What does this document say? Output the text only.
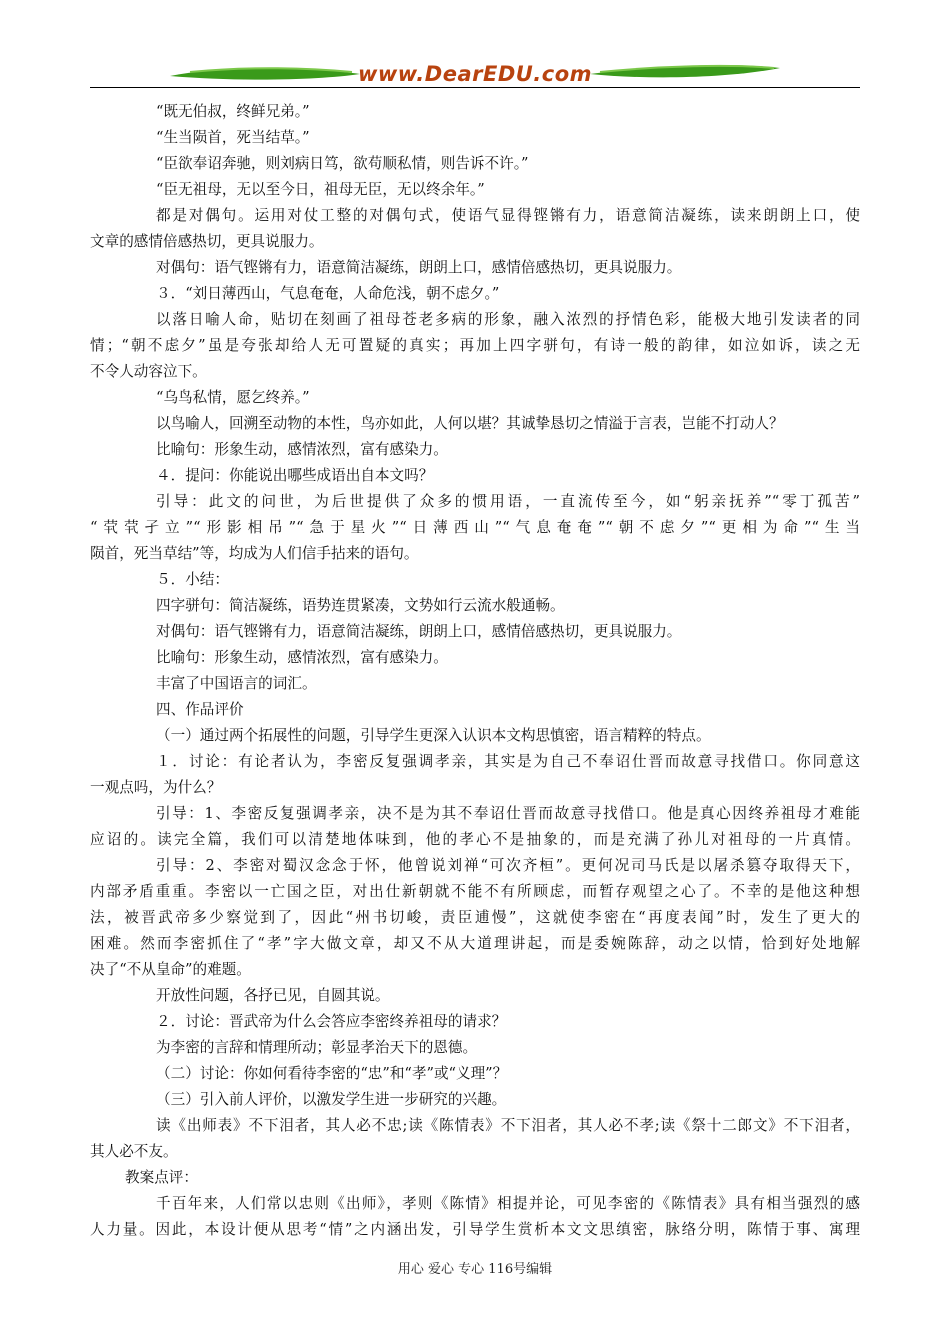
www.DearEDU.com
“既无伯叔，终鲜兄弟。”
“生当陨首，死当结草。”
“臣欲奉诏奔驰，则刘病日笃，欲苟顺私情，则告诉不许。”
“臣无祖母，无以至今日，祖母无臣，无以终余年。”
都是对偶句。运用对仗工整的对偶句式，使语气显得铿锵有力，语意简洁凝练，读来朗朗上口，使
文章的感情倍感热切，更具说服力。
对偶句：语气铿锵有力，语意简洁凝练，朗朗上口，感情倍感热切，更具说服力。
３．“刘日薄西山，气息奄奄，人命危浅，朝不虑夕。”
以落日喻人命，贴切在刻画了祖母苍老多病的形象，融入浓烈的抒情色彩，能极大地引发读者的同
情；“朝不虑夕”虽是夸张却给人无可置疑的真实；再加上四字骈句，有诗一般的韵律，如泣如诉，读之无
不令人动容泣下。
“乌鸟私情，愿乞终养。”
以鸟喻人，回溯至动物的本性，鸟亦如此，人何以堪？其诚挚恳切之情溢于言表，岂能不打动人？
比喻句：形象生动，感情浓烈，富有感染力。
４．提问：你能说出哪些成语出自本文吗？
引导：此文的问世，为后世提供了众多的惯用语，一直流传至今，如“躬亲抚养”“零丁孤苦”
“茕茕孑立”“形影相吊”“急于星火”“日薄西山”“气息奄奄”“朝不虑夕”“更相为命”“生当
陨首，死当草结”等，均成为人们信手拈来的语句。
５．小结：
四字骈句：简洁凝练，语势连贯紧凑，文势如行云流水般通畅。
对偶句：语气铿锵有力，语意简洁凝练，朗朗上口，感情倍感热切，更具说服力。
比喻句：形象生动，感情浓烈，富有感染力。
丰富了中国语言的词汇。
四、作品评价
（一）通过两个拓展性的问题，引导学生更深入认识本文构思慎密，语言精粹的特点。
１．讨论：有论者认为，李密反复强调孝亲，其实是为自己不奉诏仕晋而故意寻找借口。你同意这
一观点吗，为什么？
引导：1、李密反复强调孝亲，决不是为其不奉诏仕晋而故意寻找借口。他是真心因终养祖母才难能
应诏的。读完全篇，我们可以清楚地体味到，他的孝心不是抽象的，而是充满了孙儿对祖母的一片真情。
引导：2、李密对蜀汉念念于怀，他曾说刘禅“可次齐桓”。更何况司马氏是以屠杀篡夺取得天下，
内部矛盾重重。李密以一亡国之臣，对出仕新朝就不能不有所顾虑，而暂存观望之心了。不幸的是他这种想
法，被晋武帝多少察觉到了，因此“州书切峻，责臣逋慢”，这就使李密在“再度表闻”时，发生了更大的
困难。然而李密抓住了“孝”字大做文章，却又不从大道理讲起，而是委婉陈辞，动之以情，恰到好处地解
决了“不从皇命”的难题。
开放性问题，各抒已见，自圆其说。
２．讨论：晋武帝为什么会答应李密终养祖母的请求？
为李密的言辞和情理所动；彰显孝治天下的恩德。
（二）讨论：你如何看待李密的“忠”和“孝”或“义理”？
（三）引入前人评价，以激发学生进一步研究的兴趣。
读《出师表》不下泪者，其人必不忠;读《陈情表》不下泪者，其人必不孝;读《祭十二郎文》不下泪者，
其人必不友。
教案点评：
千百年来，人们常以忠则《出师》，孝则《陈情》相提并论，可见李密的《陈情表》具有相当强烈的感
人力量。因此，本设计便从思考“情”之内涵出发，引导学生赏析本文文思缜密，脉络分明，陈情于事、寓理
用心 爱心 专心 116号编辑
